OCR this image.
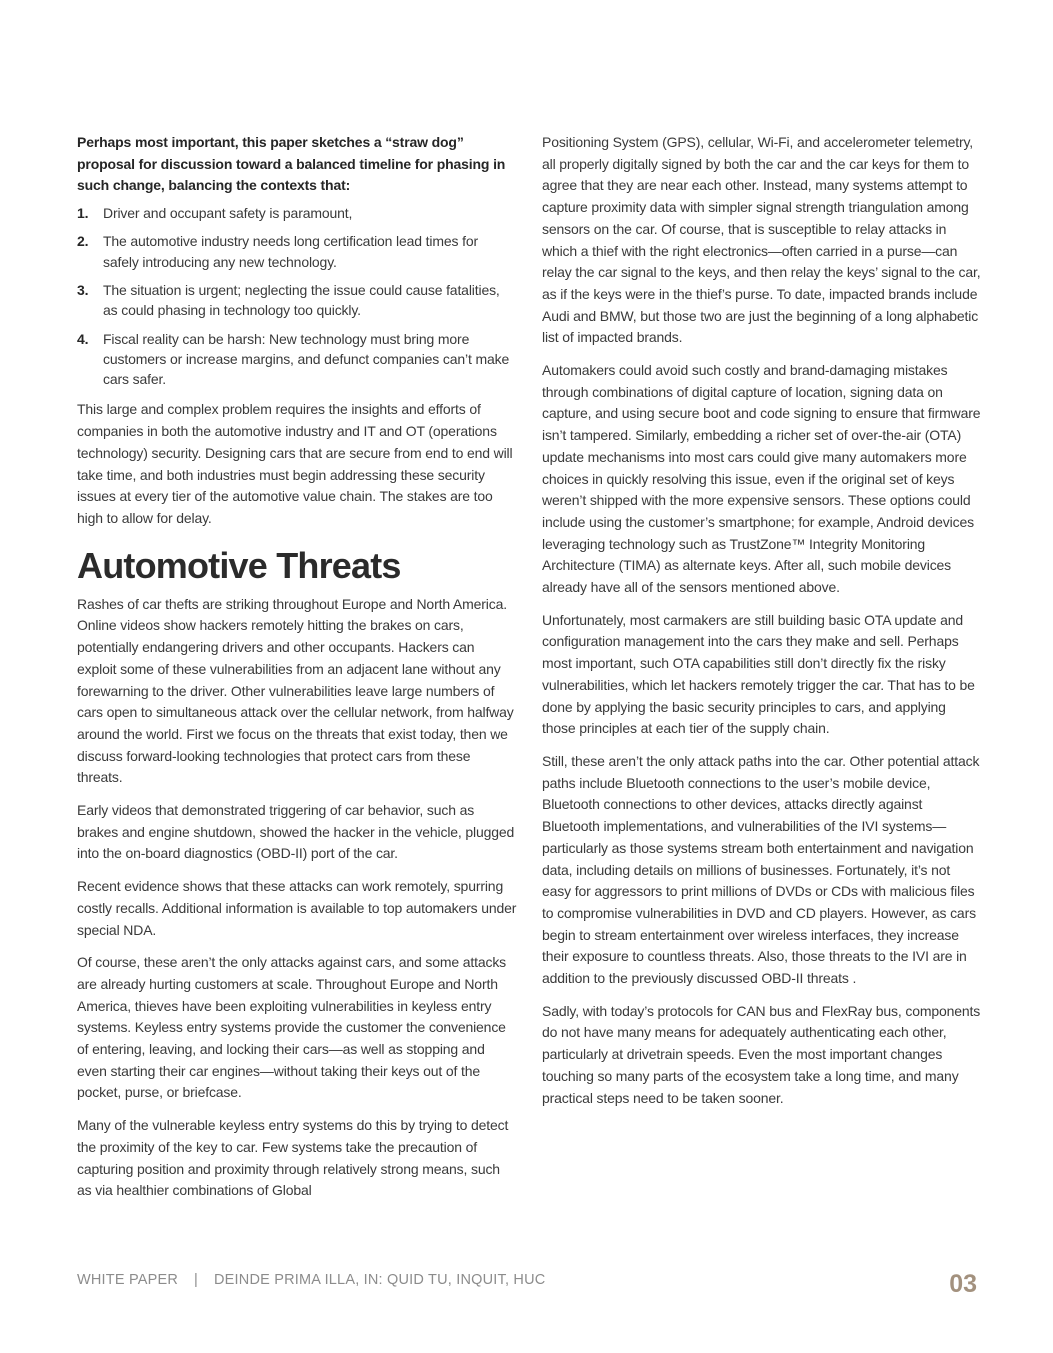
Perhaps most important, this paper sketches a “straw dog” proposal for discussion toward a balanced timeline for phasing in such change, balancing the contexts that:

1.	Driver and occupant safety is paramount,
2.	The automotive industry needs long certification lead times for safely introducing any new technology.
3.	The situation is urgent; neglecting the issue could cause fatalities, as could phasing in technology too quickly.
4.	Fiscal reality can be harsh: New technology must bring more customers or increase margins, and defunct companies can’t make cars safer.

This large and complex problem requires the insights and efforts of companies in both the automotive industry and IT and OT (operations technology) security. Designing cars that are secure from end to end will take time, and both industries must begin addressing these security issues at every tier of the automotive value chain. The stakes are too high to allow for delay.

Automotive Threats

Rashes of car thefts are striking throughout Europe and North America. Online videos show hackers remotely hitting the brakes on cars, potentially endangering drivers and other occupants. Hackers can exploit some of these vulnerabilities from an adjacent lane without any forewarning to the driver. Other vulnerabilities leave large numbers of cars open to simultaneous attack over the cellular network, from halfway around the world. First we focus on the threats that exist today, then we discuss forward-looking technologies that protect cars from these threats.

Early videos that demonstrated triggering of car behavior, such as brakes and engine shutdown, showed the hacker in the vehicle, plugged into the on-board diagnostics (OBD-II) port of the car.

Recent evidence shows that these attacks can work remotely, spurring costly recalls. Additional information is available to top automakers under special NDA.

Of course, these aren’t the only attacks against cars, and some attacks are already hurting customers at scale. Throughout Europe and North America, thieves have been exploiting vulnerabilities in keyless entry systems. Keyless entry systems provide the customer the convenience of entering, leaving, and locking their cars—as well as stopping and even starting their car engines—without taking their keys out of the pocket, purse, or briefcase.

Many of the vulnerable keyless entry systems do this by trying to detect the proximity of the key to car. Few systems take the precaution of capturing position and proximity through relatively strong means, such as via healthier combinations of Global

Positioning System (GPS), cellular, Wi-Fi, and accelerometer telemetry, all properly digitally signed by both the car and the car keys for them to agree that they are near each other. Instead, many systems attempt to capture proximity data with simpler signal strength triangulation among sensors on the car. Of course, that is susceptible to relay attacks in which a thief with the right electronics—often carried in a purse—can relay the car signal to the keys, and then relay the keys’ signal to the car, as if the keys were in the thief’s purse. To date, impacted brands include Audi and BMW, but those two are just the beginning of a long alphabetic list of impacted brands.

Automakers could avoid such costly and brand-damaging mistakes through combinations of digital capture of location, signing data on capture, and using secure boot and code signing to ensure that firmware isn’t tampered. Similarly, embedding a richer set of over-the-air (OTA) update mechanisms into most cars could give many automakers more choices in quickly resolving this issue, even if the original set of keys weren’t shipped with the more expensive sensors. These options could include using the customer’s smartphone; for example, Android devices leveraging technology such as TrustZone™ Integrity Monitoring Architecture (TIMA) as alternate keys. After all, such mobile devices already have all of the sensors mentioned above.

Unfortunately, most carmakers are still building basic OTA update and configuration management into the cars they make and sell. Perhaps most important, such OTA capabilities still don’t directly fix the risky vulnerabilities, which let hackers remotely trigger the car. That has to be done by applying the basic security principles to cars, and applying those principles at each tier of the supply chain.

Still, these aren’t the only attack paths into the car. Other potential attack paths include Bluetooth connections to the user’s mobile device, Bluetooth connections to other devices, attacks directly against Bluetooth implementations, and vulnerabilities of the IVI systems— particularly as those systems stream both entertainment and navigation data, including details on millions of businesses. Fortunately, it’s not easy for aggressors to print millions of DVDs or CDs with malicious files to compromise vulnerabilities in DVD and CD players. However, as cars begin to stream entertainment over wireless interfaces, they increase their exposure to countless threats. Also, those threats to the IVI are in addition to the previously discussed OBD-II threats .

Sadly, with today’s protocols for CAN bus and FlexRay bus, components do not have many means for adequately authenticating each other, particularly at drivetrain speeds. Even the most important changes touching so many parts of the ecosystem take a long time, and many practical steps need to be taken sooner.

WHITE PAPER | DEINDE PRIMA ILLA, IN: QUID TU, INQUIT, HUC	03
